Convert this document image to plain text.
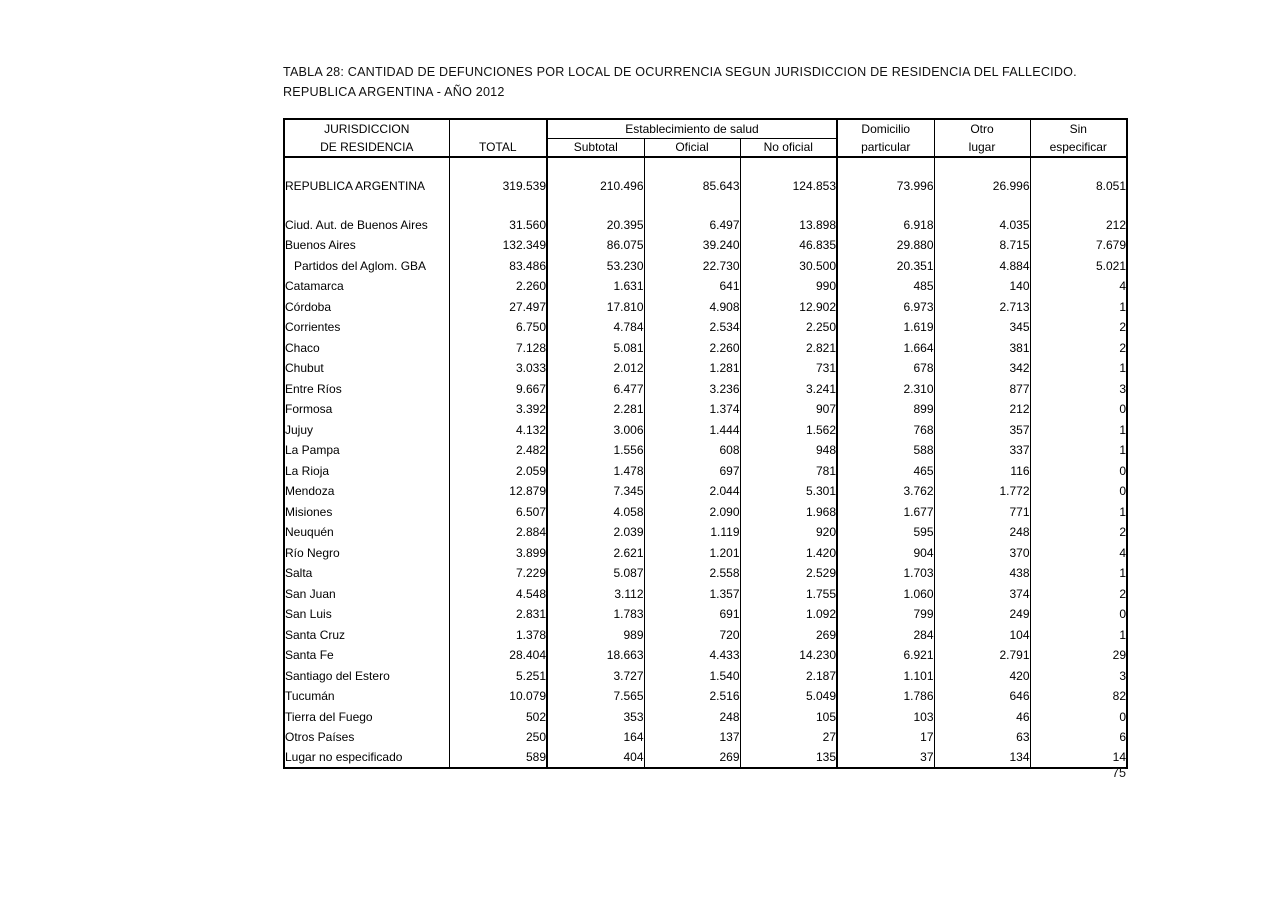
TABLA 28: CANTIDAD DE DEFUNCIONES POR LOCAL DE OCURRENCIA SEGUN JURISDICCION DE RESIDENCIA DEL FALLECIDO.
REPUBLICA ARGENTINA - AÑO 2012
JURISDICCION		Establecimiento de salud			Domicilio	Otro	Sin
DE RESIDENCIA	TOTAL	Subtotal	Oficial	No oficial	particular	lugar	especificar

REPUBLICA ARGENTINA	319.539	210.496	85.643	124.853	73.996	26.996	8.051

Ciud. Aut. de Buenos Aires	31.560	20.395	6.497	13.898	6.918	4.035	212
Buenos Aires	132.349	86.075	39.240	46.835	29.880	8.715	7.679
Partidos del Aglom. GBA	83.486	53.230	22.730	30.500	20.351	4.884	5.021
Catamarca	2.260	1.631	641	990	485	140	4
Córdoba	27.497	17.810	4.908	12.902	6.973	2.713	1
Corrientes	6.750	4.784	2.534	2.250	1.619	345	2
Chaco	7.128	5.081	2.260	2.821	1.664	381	2
Chubut	3.033	2.012	1.281	731	678	342	1
Entre Ríos	9.667	6.477	3.236	3.241	2.310	877	3
Formosa	3.392	2.281	1.374	907	899	212	0
Jujuy	4.132	3.006	1.444	1.562	768	357	1
La Pampa	2.482	1.556	608	948	588	337	1
La Rioja	2.059	1.478	697	781	465	116	0
Mendoza	12.879	7.345	2.044	5.301	3.762	1.772	0
Misiones	6.507	4.058	2.090	1.968	1.677	771	1
Neuquén	2.884	2.039	1.119	920	595	248	2
Río Negro	3.899	2.621	1.201	1.420	904	370	4
Salta	7.229	5.087	2.558	2.529	1.703	438	1
San Juan	4.548	3.112	1.357	1.755	1.060	374	2
San Luis	2.831	1.783	691	1.092	799	249	0
Santa Cruz	1.378	989	720	269	284	104	1
Santa Fe	28.404	18.663	4.433	14.230	6.921	2.791	29
Santiago del Estero	5.251	3.727	1.540	2.187	1.101	420	3
Tucumán	10.079	7.565	2.516	5.049	1.786	646	82
Tierra del Fuego	502	353	248	105	103	46	0
Otros Países	250	164	137	27	17	63	6
Lugar no especificado	589	404	269	135	37	134	14
75
